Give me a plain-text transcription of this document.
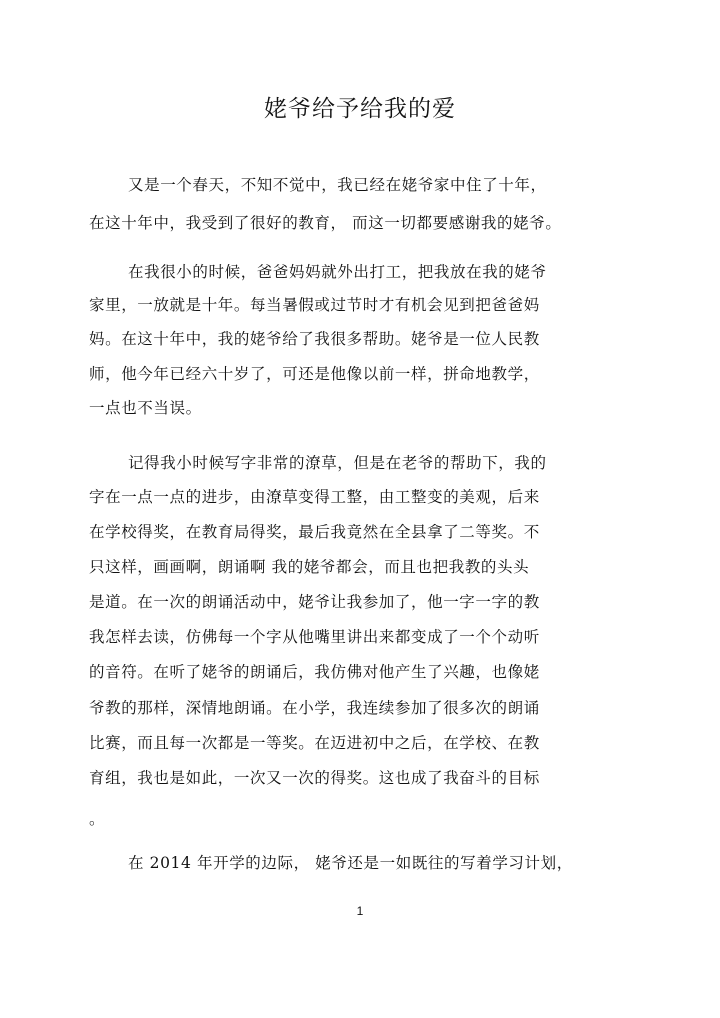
姥爷给予给我的爱
又是一个春天，不知不觉中，我已经在姥爷家中住了十年，
在这十年中，我受到了很好的教育， 而这一切都要感谢我的姥爷。
在我很小的时候，爸爸妈妈就外出打工，把我放在我的姥爷
家里，一放就是十年。每当暑假或过节时才有机会见到把爸爸妈
妈。在这十年中，我的姥爷给了我很多帮助。姥爷是一位人民教
师，他今年已经六十岁了，可还是他像以前一样，拼命地教学，
一点也不当误。
记得我小时候写字非常的潦草，但是在老爷的帮助下，我的
字在一点一点的进步，由潦草变得工整，由工整变的美观，后来
在学校得奖，在教育局得奖，最后我竟然在全县拿了二等奖。不
只这样，画画啊，朗诵啊 我的姥爷都会，而且也把我教的头头
是道。在一次的朗诵活动中，姥爷让我参加了，他一字一字的教
我怎样去读，仿佛每一个字从他嘴里讲出来都变成了一个个动听
的音符。在听了姥爷的朗诵后，我仿佛对他产生了兴趣，也像姥
爷教的那样，深情地朗诵。在小学，我连续参加了很多次的朗诵
比赛，而且每一次都是一等奖。在迈进初中之后，在学校、在教
育组，我也是如此，一次又一次的得奖。这也成了我奋斗的目标
。
在 2014 年开学的边际， 姥爷还是一如既往的写着学习计划，
1
